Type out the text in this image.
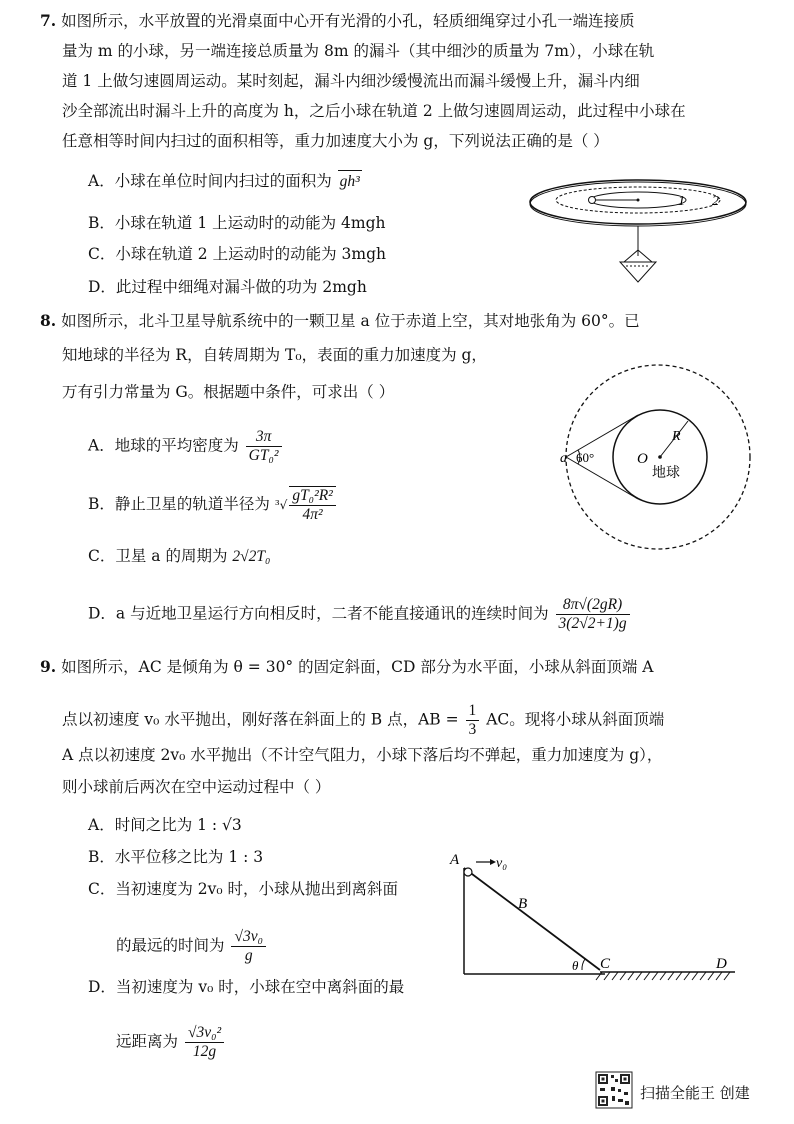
7. 如图所示，水平放置的光滑桌面中心开有光滑的小孔，轻质细绳穿过小孔一端连接质
量为 m 的小球，另一端连接总质量为 8m 的漏斗（其中细沙的质量为 7m），小球在轨
道 1 上做匀速圆周运动。某时刻起，漏斗内细沙缓慢流出而漏斗缓慢上升，漏斗内细
沙全部流出时漏斗上升的高度为 h，之后小球在轨道 2 上做匀速圆周运动，此过程中小球在
任意相等时间内扫过的面积相等，重力加速度大小为 g，下列说法正确的是（ ）
A．小球在单位时间内扫过的面积为 gh³
B．小球在轨道 1 上运动时的动能为 4mgh
C．小球在轨道 2 上运动时的动能为 3mgh
D．此过程中细绳对漏斗做的功为 2mgh
1 2
8. 如图所示，北斗卫星导航系统中的一颗卫星 a 位于赤道上空，其对地张角为 60°。已
知地球的半径为 R，自转周期为 T₀，表面的重力加速度为 g，
万有引力常量为 G。根据题中条件，可求出（ ）
A．地球的平均密度为 $\frac{3\pi}{\text{GT₀²}}$
B．静止卫星的轨道半径为 $^3√ \frac{\text{gT₀²R²}}{\text{4π²}}$
C．卫星 a 的周期为 2√2T₀
D．a 与近地卫星运行方向相反时，二者不能直接通讯的连续时间为 $\frac{8\pi√(2gR)}{3(2√2+1)g}$
a 60°	O
R
地球
9. 如图所示，AC 是倾角为 θ = 30° 的固定斜面，CD 部分为水平面，小球从斜面顶端 A
点以初速度 v₀ 水平抛出，刚好落在斜面上的 B 点，AB = $\frac{1}{3}$ AC。现将小球从斜面顶端
A 点以初速度 2v₀ 水平抛出（不计空气阻力，小球下落后均不弹起，重力加速度为 g），
则小球前后两次在空中运动过程中（ ）
A．时间之比为 1 : √3
B．水平位移之比为 1 : 3
C．当初速度为 2v₀ 时，小球从抛出到离斜面
的最远的时间为 $\frac{\text{√3v₀}}{g}$
D．当初速度为 v₀ 时，小球在空中离斜面的最
远距离为 $\frac{\text{√3v₀²}}{12g}$
A	v₀
B
C	D
θ
扫描全能王 创建
